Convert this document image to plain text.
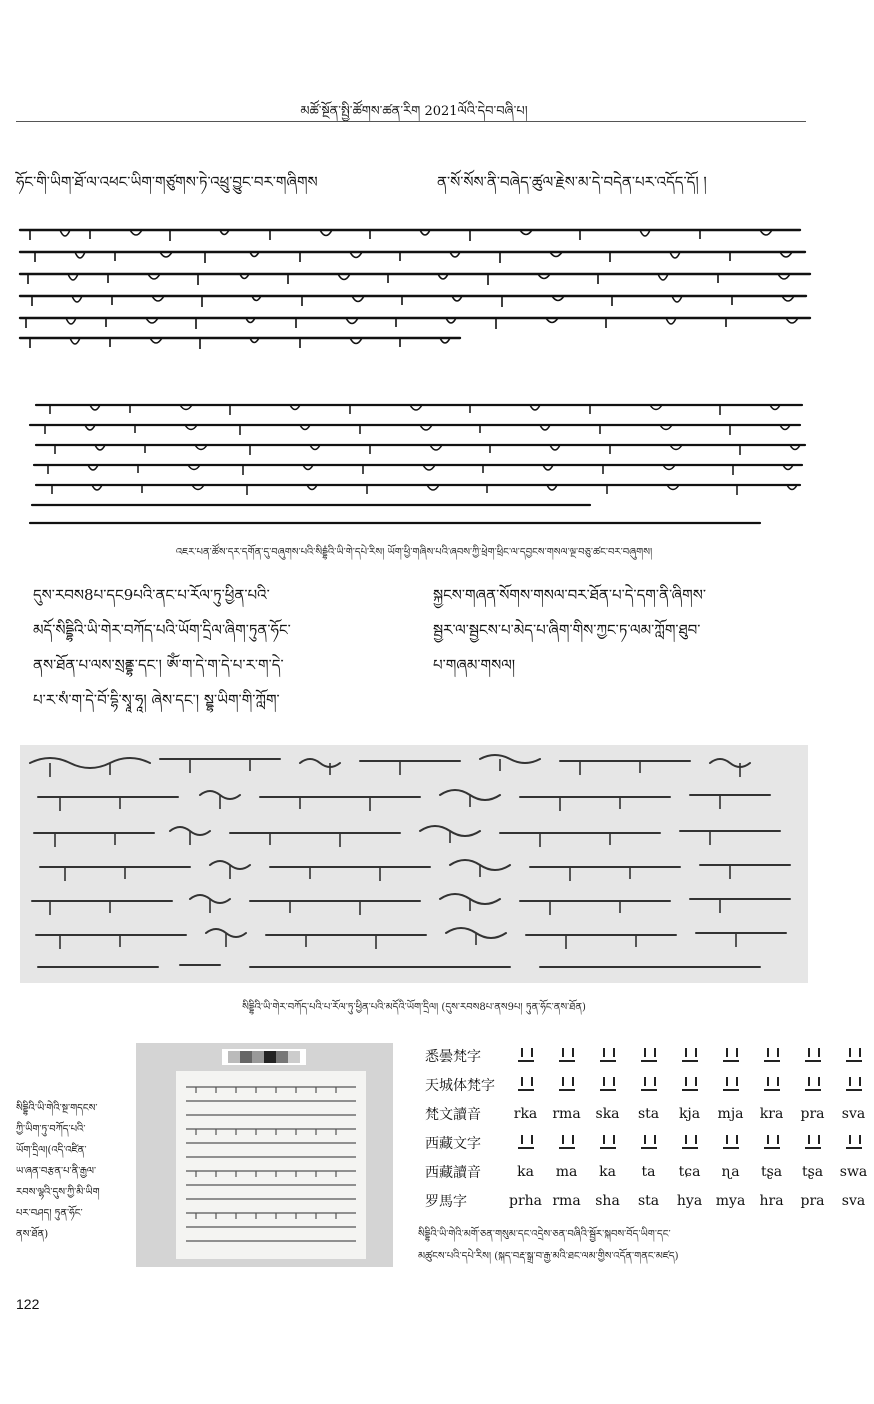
མཚོ་སྔོན་སྤྱི་ཚོགས་ཚན་རིག 2021ལོའི་དེབ་བཞི་པ།
ཧོང་གི་ཡིག་ཐོ་ལ་འཕང་ཡིག་གཙུགས་ཏེ་འཕྲུ་བྱུང་བར་གཞིགས	ན་སོ་སོས་ནི་བཞེད་ཚུལ་རྗེས་མ་དེ་བདེན་པར་འདོད་དོ། །
འཇར་པན་ཚོས་དར་དགོན་དུ་བཞུགས་པའི་སིདྡྷཾའི་ཡི་གེ་དཔེ་རིས། ཡོག་ཕྱི་གཞིས་པའི་ཞབས་ཀྱི་ཕྲེག་ཕྲིང་ལ་དབྱངས་གསལ་ལྔ་བཅུ་ཚང་བར་བཞུགས།
དུས་རབས8པ་དང9པའི་ནང་པ་རོལ་ཏུ་ཕྱིན་པའི་
མདོ་སིདྡྷིའི་ཡི་གེར་བཀོད་པའི་ཡོག་དྲིལ་ཞིག་ཏུན་ཧོང་
ནས་ཐོན་པ་ལས་སྲནྡྷ་དང་། ཨོཾ་ག་དེ་ག་དེ་པ་ར་ག་དེ་
པ་ར་སཾ་ག་དེ་བོ་དྷི་སྭཱ་ཧཱ། ཞེས་དང་། སྡྷ་ཡིག་གི་ཀློག་
སྐྱངས་གཞན་སོགས་གསལ་བར་ཐོན་པ་དེ་དག་ནི་ཞིགས་
སྦྱར་ལ་སྦྱངས་པ་མེད་པ་ཞིག་གིས་ཀྱང་ཏ་ལམ་ཀློག་ཐུབ་
པ་གཞམ་གསལ།
སིདྡྷིའི་ཡི་གེར་བཀོད་པའི་པ་རོལ་ཏུ་ཕྱིན་པའི་མདོའི་ཡོག་དྲིལ། (དུས་རབས8པ་ནས9པ། ཏུན་ཧོང་ནས་ཐོན)
སིདྡྷིའི་ཡི་གེའི་སྔ་གདངས་
ཀྱི་ཡིག་ཏུ་བཀོད་པའི་
ཡོག་དྲིལ།(འདི་འཛིན་
ཡ་ཞན་བརྩན་པ་ནི་རྒྱལ་
རབས་ལྷའི་དུས་ཀྱི་མི་ཡིག
པར་བཤད། ཏུན་ཧོང་
ནས་ཐོན)
悉曇梵字									
天城体梵字									
梵文讀音	rka	rma	ska	sta	kja	mja	kra	pra	sva
西藏文字									
西藏讀音	ka	ma	ka	ta	tɕa	ɳa	tʂa	tʂa	swa
罗馬字	prha	rma	sha	sta	hya	mya	hra	pra	sva
སིདྡྷིའི་ཡི་གེའི་མགོ་ཅན་གསུམ་དང་འདྲེས་ཅན་བཞིའི་སྦྱོར་སྐབས་བོད་ཡིག་དང་
མཚུངས་པའི་དཔེ་རིས། (སྐད་བརྡ་སྒྲ་བ་རྒྱ་མའི་ཐང་ལམ་གྱིས་འདོན་གནང་མཛད)
122
